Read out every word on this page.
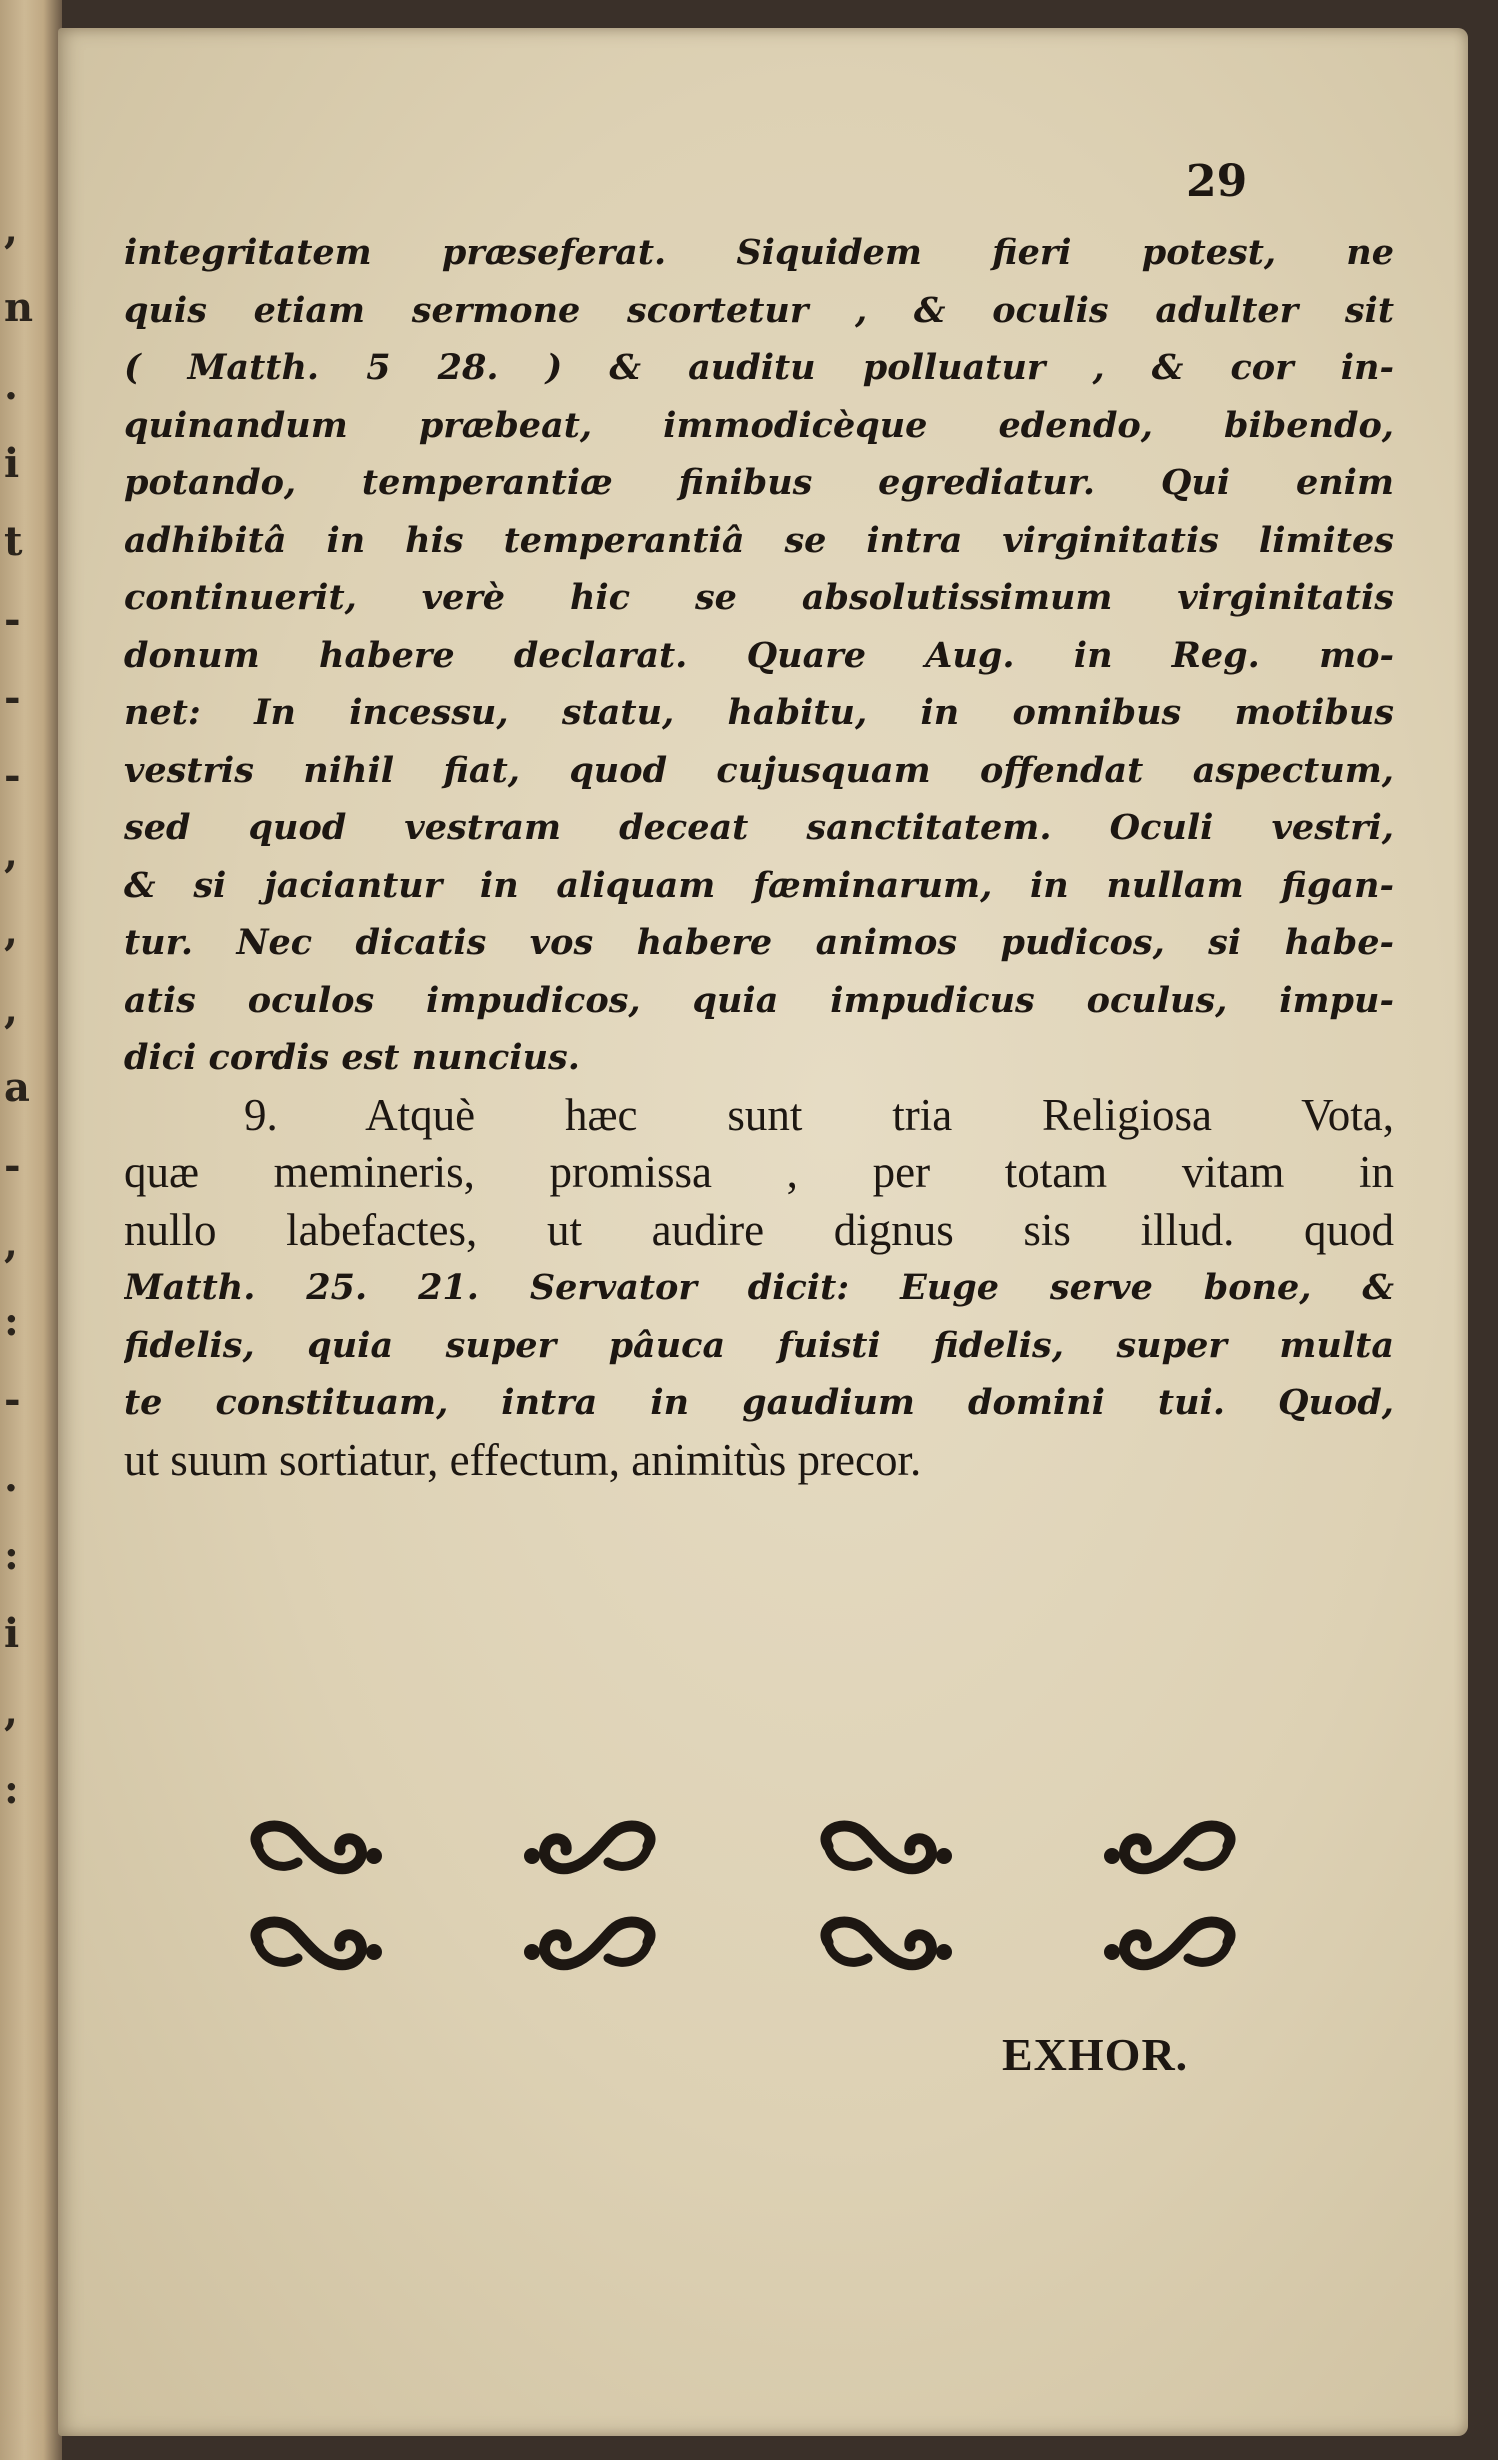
,
n
.
i
t
-
-
-
,
,
,
a
-
,
:
-
.
:
i
,
:
29
integritatem præseferat. Siquidem fieri potest, ne
quis etiam sermone scortetur , & oculis adulter sit
( Matth. 5 28. ) & auditu polluatur , & cor in-
quinandum præbeat, immodicèque edendo, bibendo,
potando, temperantiæ finibus egrediatur. Qui enim
adhibitâ in his temperantiâ se intra virginitatis limites
continuerit, verè hic se absolutissimum virginitatis
donum habere declarat. Quare Aug. in Reg. mo-
net: In incessu, statu, habitu, in omnibus motibus
vestris nihil fiat, quod cujusquam offendat aspectum,
sed quod vestram deceat sanctitatem. Oculi vestri,
& si jaciantur in aliquam fæminarum, in nullam figan-
tur. Nec dicatis vos habere animos pudicos, si habe-
atis oculos impudicos, quia impudicus oculus, impu-
dici cordis est nuncius.
9. Atquè hæc sunt tria Religiosa Vota,
quæ memineris, promissa , per totam vitam in
nullo labefactes, ut audire dignus sis illud. quod
Matth. 25. 21. Servator dicit: Euge serve bone, &
fidelis, quia super pâuca fuisti fidelis, super multa
te constituam, intra in gaudium domini tui. Quod,
ut suum sortiatur, effectum, animitùs precor.
EXHOR.
